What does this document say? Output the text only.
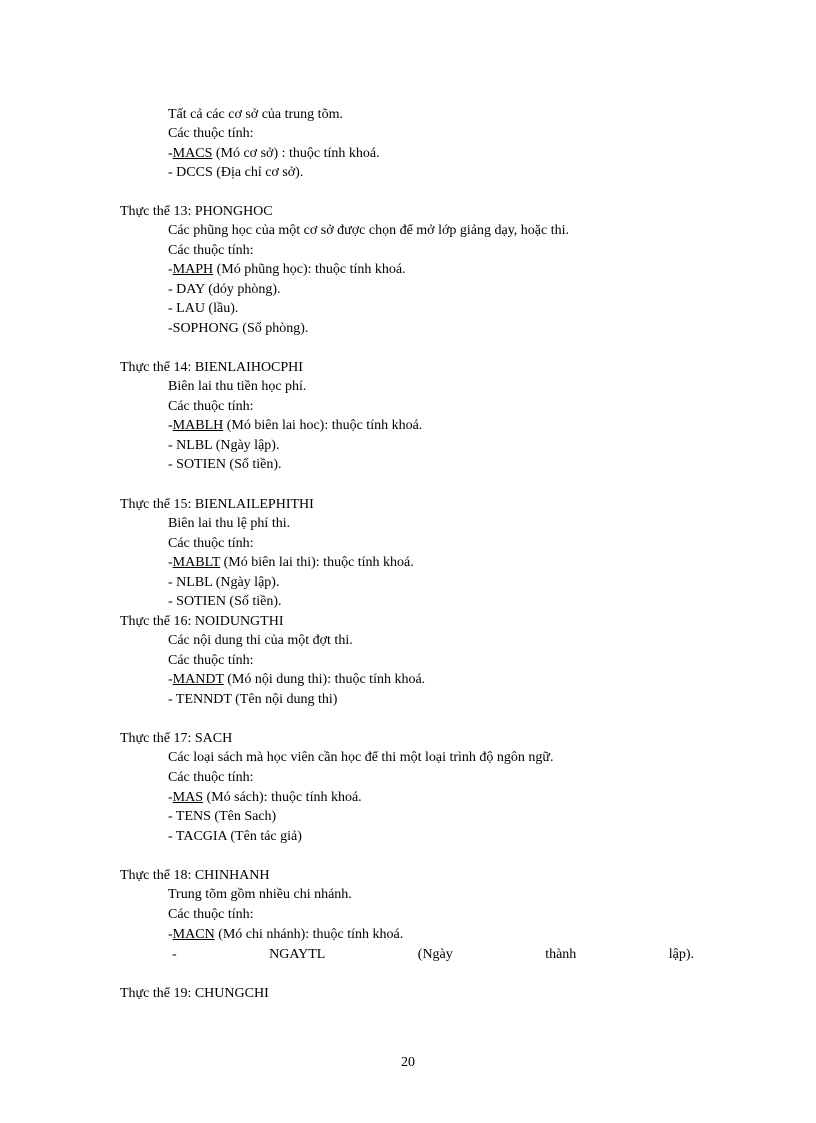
Tất cả các cơ sở của trung tõm.
Các thuộc tính:
-MACS (Mó cơ sở) : thuộc tính khoá.
- DCCS (Địa chỉ cơ sở).
Thực thể 13: PHONGHOC
Các phũng học của một cơ sở được chọn để mở lớp giảng dạy, hoặc thi.
Các thuộc tính:
-MAPH (Mó phũng học): thuộc tính khoá.
- DAY (dóy phòng).
- LAU (lầu).
-SOPHONG (Số phòng).
Thực thể 14: BIENLAIHOCPHI
Biên lai thu tiền học phí.
Các thuộc tính:
-MABLH (Mó biên lai hoc): thuộc tính khoá.
- NLBL (Ngày lập).
- SOTIEN (Số tiền).
Thực thể 15: BIENLAILEPHITHI
Biên lai thu lệ phí thi.
Các thuộc tính:
-MABLT (Mó biên lai thi): thuộc tính khoá.
- NLBL (Ngày lập).
- SOTIEN (Số tiền).
Thực thể 16: NOIDUNGTHI
Các nội dung thi của một đợt thi.
Các thuộc tính:
-MANDT (Mó nội dung thi): thuộc tính khoá.
- TENNDT (Tên nội dung thi)
Thực thể 17: SACH
Các loại sách mà học viên cần học để thi một loại trình độ ngôn ngữ.
Các thuộc tính:
-MAS (Mó sách): thuộc tính khoá.
- TENS (Tên Sach)
- TACGIA (Tên tác giả)
Thực thể 18: CHINHANH
Trung tõm gồm nhiều chi nhánh.
Các thuộc tính:
-MACN (Mó chi nhánh): thuộc tính khoá.
-	NGAYTL	(Ngày	thành	lập).
Thực thể 19: CHUNGCHI
20
